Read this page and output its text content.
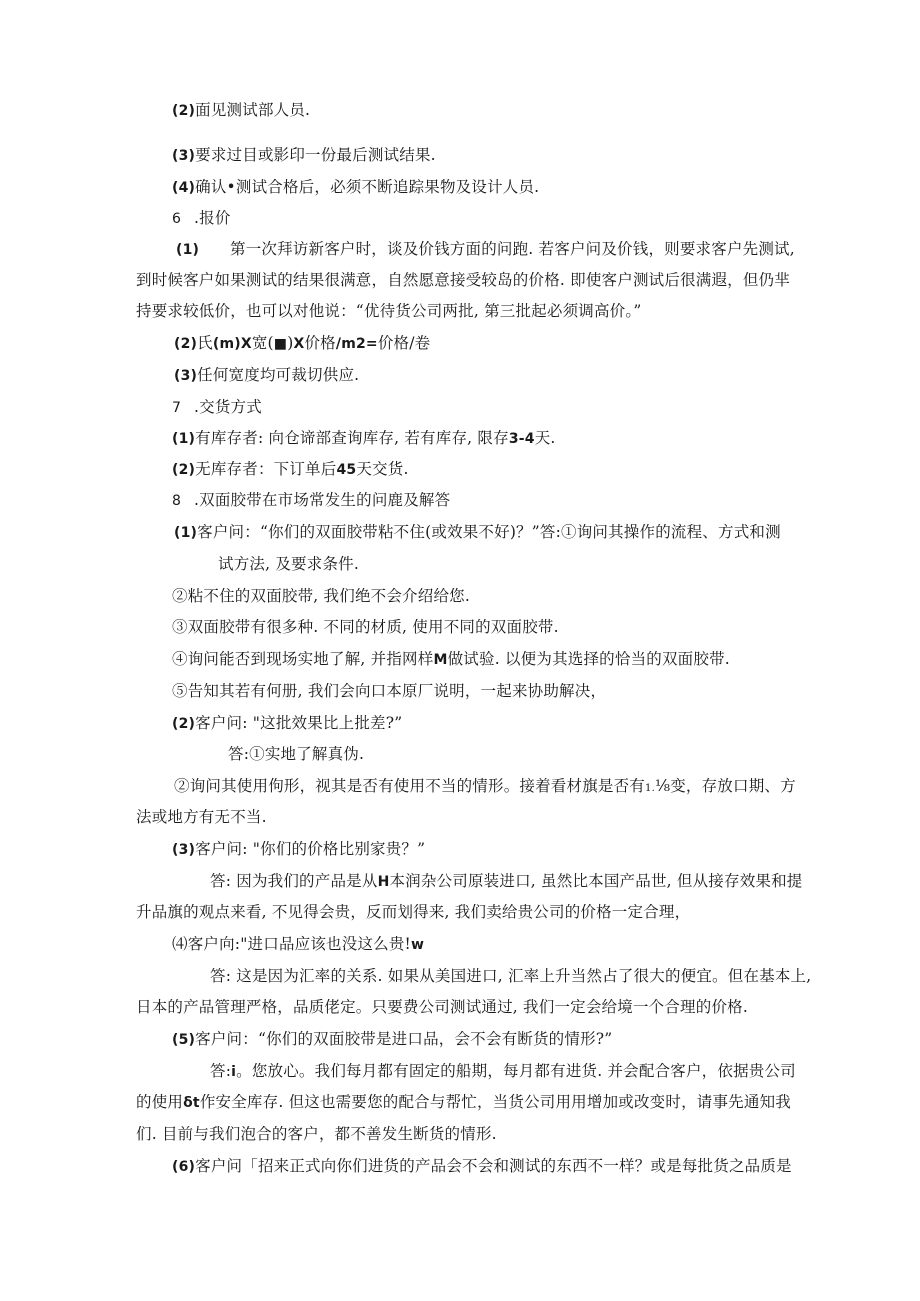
(2)面见测试部人员.
(3)要求过目或影印一份最后测试结果.
(4)确认•测试合格后，必须不断追踪果物及设计人员.
6 .报价
(1) 第一次拜访新客户时，谈及价钱方面的问跑. 若客户问及价钱，则要求客户先测试,
到时候客户如果测试的结果很满意，自然愿意接受较岛的价格. 即使客户测试后很满遐，但仍芈
持要求较低价，也可以对他说：“优待货公司两批, 第三批起必须调高价。”
(2)氏(m)X宽(■)X价格/m2=价格/卷
(3)任何宽度均可裁切供应.
7 .交货方式
(1)有库存者: 向仓谛部查询库存, 若有库存, 限存3-4天.
(2)无库存者：下订单后45天交货.
8 .双面胶带在市场常发生的问鹿及解答
(1)客户问：“你们的双面胶带粘不住(或效果不好)？”答:①询问其操作的流程、方式和测
试方法, 及要求条件.
②粘不住的双面胶带, 我们绝不会介绍给您.
③双面胶带有很多种. 不同的材质, 使用不同的双面胶带.
④询问能否到现场实地了解, 并指网样M做试验. 以便为其选择的恰当的双面胶带.
⑤告知其若有何册, 我们会向口本原厂说明，一起来协助解决，
(2)客户问: "这批效果比上批差?”
答:①实地了解真伪.
②询问其使用佝形，视其是否有使用不当的情形。接着看材旗是否有1.⅛变，存放口期、方
法或地方有无不当.
(3)客户问: "你们的价格比别家贵？”
答: 因为我们的产品是从H本润杂公司原装进口, 虽然比本国产品世, 但从接存效果和提
升品旗的观点来看, 不见得会贵，反而划得来, 我们卖给贵公司的价格一定合理，
⑷客户向:"进口品应该也没这么贵!w
答: 这是因为汇率的关系. 如果从美国进口, 汇率上升当然占了很大的便宜。但在基本上,
日本的产品管理严格，品质佬定。只要费公司测试通过, 我们一定会给境一个合理的价格.
(5)客户问：“你们的双面胶带是进口品，会不会有断货的情形?”
答:i。您放心。我们每月都有固定的船期，每月都有进货. 并会配合客户，依据贵公司
的使用δt作安全库存. 但这也需要您的配合与帮忙，当货公司用用增加或改变时，请事先通知我
们. 目前与我们泡合的客户，都不善发生断货的情形.
(6)客户问「招来正式向你们进货的产品会不会和测试的东西不一样？或是每批货之品质是
